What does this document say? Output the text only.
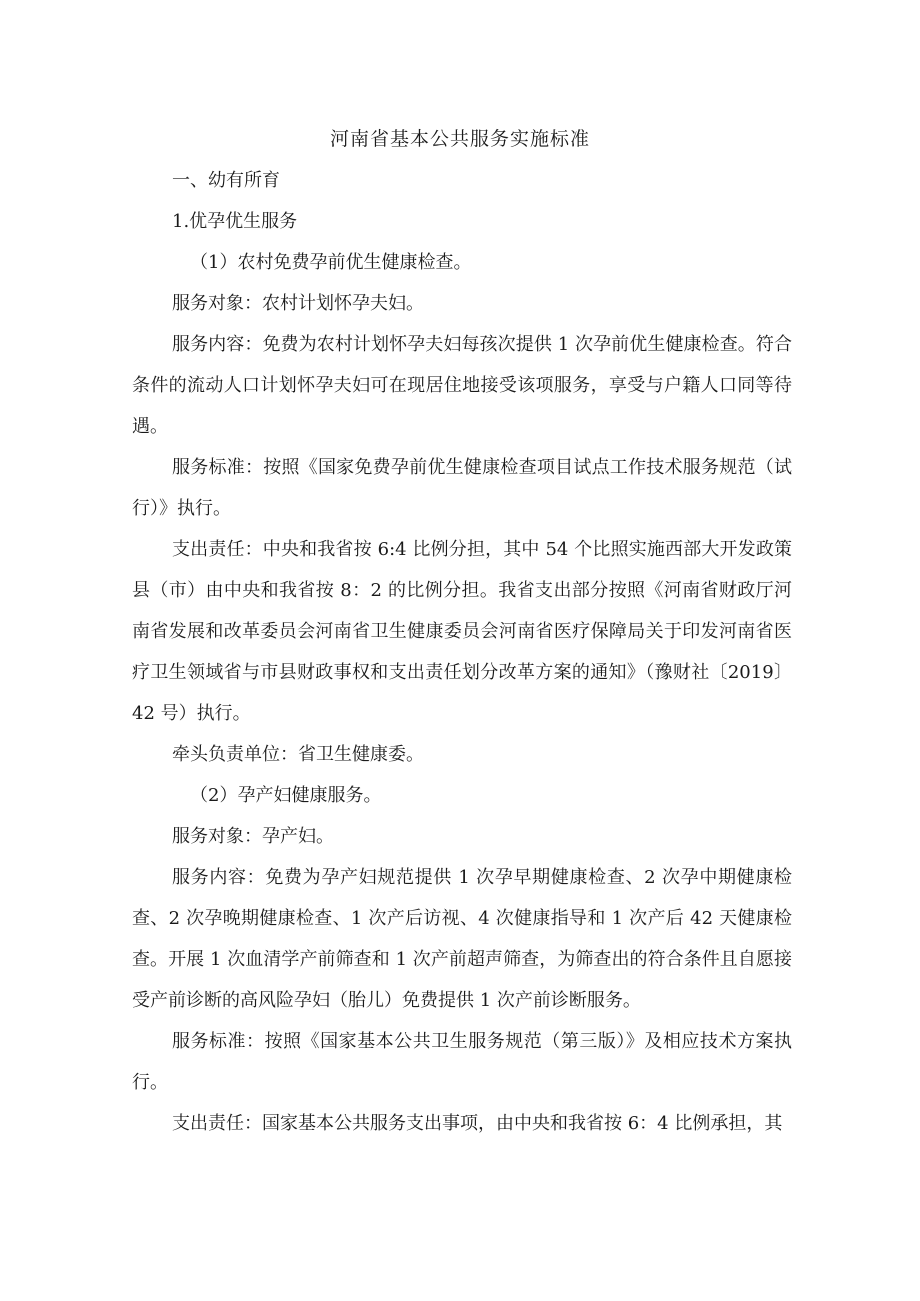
河南省基本公共服务实施标准

一、幼有所育

1.优孕优生服务

（1）农村免费孕前优生健康检查。

服务对象：农村计划怀孕夫妇。

服务内容：免费为农村计划怀孕夫妇每孩次提供 1 次孕前优生健康检查。符合条件的流动人口计划怀孕夫妇可在现居住地接受该项服务，享受与户籍人口同等待遇。

服务标准：按照《国家免费孕前优生健康检查项目试点工作技术服务规范（试行）》执行。

支出责任：中央和我省按 6:4 比例分担，其中 54 个比照实施西部大开发政策县（市）由中央和我省按 8：2 的比例分担。我省支出部分按照《河南省财政厅河南省发展和改革委员会河南省卫生健康委员会河南省医疗保障局关于印发河南省医疗卫生领域省与市县财政事权和支出责任划分改革方案的通知》（豫财社〔2019〕42 号）执行。

牵头负责单位：省卫生健康委。

（2）孕产妇健康服务。

服务对象：孕产妇。

服务内容：免费为孕产妇规范提供 1 次孕早期健康检查、2 次孕中期健康检查、2 次孕晚期健康检查、1 次产后访视、4 次健康指导和 1 次产后 42 天健康检查。开展 1 次血清学产前筛查和 1 次产前超声筛查，为筛查出的符合条件且自愿接受产前诊断的高风险孕妇（胎儿）免费提供 1 次产前诊断服务。

服务标准：按照《国家基本公共卫生服务规范（第三版）》及相应技术方案执行。

支出责任：国家基本公共服务支出事项，由中央和我省按 6：4 比例承担，其
